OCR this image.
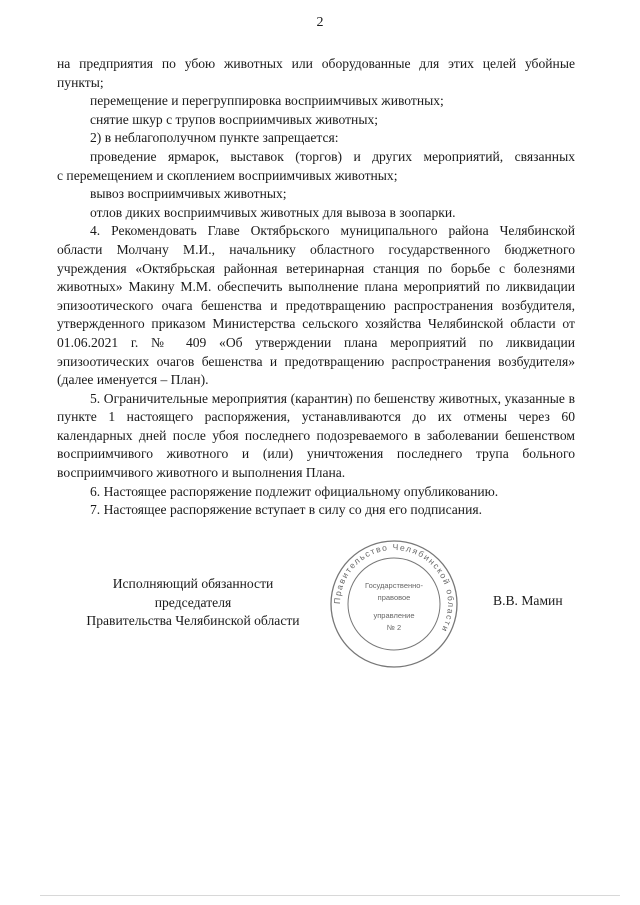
2

на предприятия по убою животных или оборудованные для этих целей убойные

пункты;

перемещение и перегруппировка восприимчивых животных;

снятие шкур с трупов восприимчивых животных;

2) в неблагополучном пункте запрещается:

проведение ярмарок, выставок (торгов) и других мероприятий, связанных

с перемещением и скоплением восприимчивых животных;

вывоз восприимчивых животных;

отлов диких восприимчивых животных для вывоза в зоопарки.

4. Рекомендовать Главе Октябрьского муниципального района Челябинской области Молчану М.И., начальнику областного государственного бюджетного учреждения «Октябрьская районная ветеринарная станция по борьбе с болезнями животных» Макину М.М. обеспечить выполнение плана мероприятий по ликвидации эпизоотического очага бешенства и предотвращению распространения возбудителя, утвержденного приказом Министерства сельского хозяйства Челябинской области от 01.06.2021 г. № 409 «Об утверждении плана мероприятий по ликвидации эпизоотических очагов бешенства и предотвращению распространения возбудителя» (далее именуется – План).

5. Ограничительные мероприятия (карантин) по бешенству животных, указанные в пункте 1 настоящего распоряжения, устанавливаются до их отмены через 60 календарных дней после убоя последнего подозреваемого в заболевании бешенством восприимчивого животного и (или) уничтожения последнего трупа больного восприимчивого животного и выполнения Плана.

6. Настоящее распоряжение подлежит официальному опубликованию.

7. Настоящее распоряжение вступает в силу со дня его подписания.

Исполняющий обязанности председателя
Правительства Челябинской области
Правительство Челябинской области
Государственно-
правовое
управление
№ 2
В.В. Мамин
